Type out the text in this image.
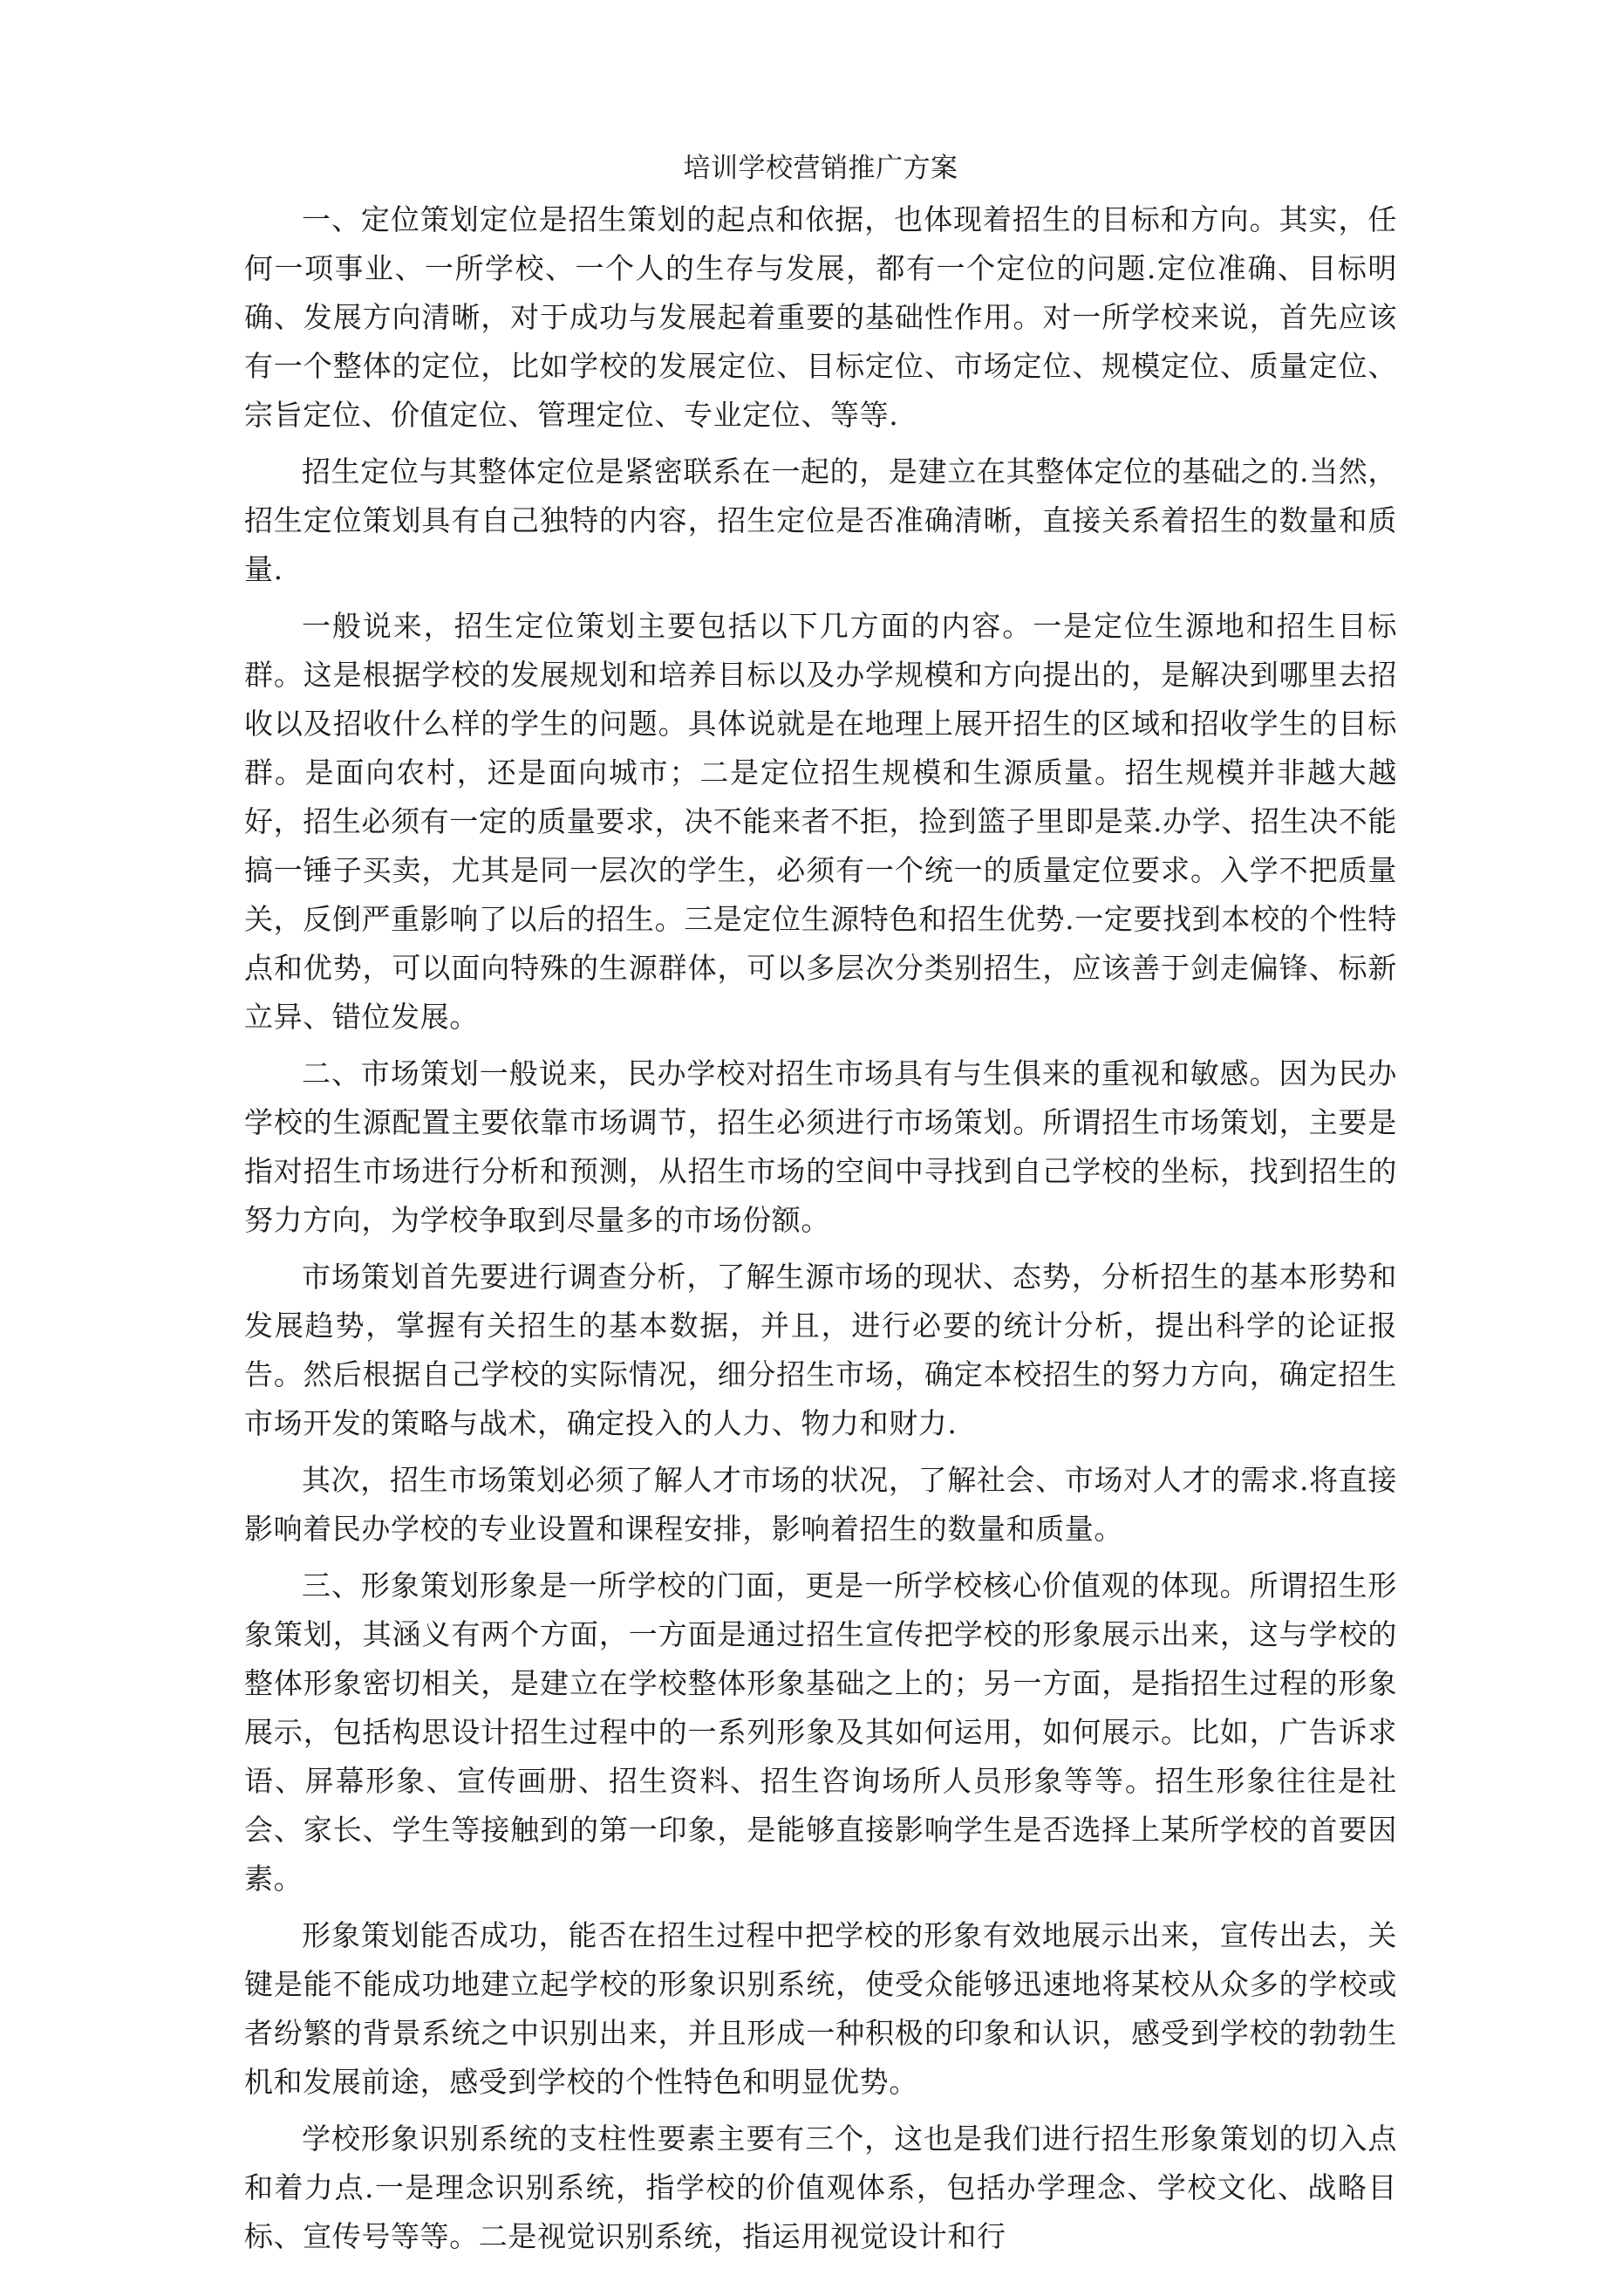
培训学校营销推广方案

一、定位策划定位是招生策划的起点和依据，也体现着招生的目标和方向。其实，任何一项事业、一所学校、一个人的生存与发展，都有一个定位的问题.定位准确、目标明确、发展方向清晰，对于成功与发展起着重要的基础性作用。对一所学校来说，首先应该有一个整体的定位，比如学校的发展定位、目标定位、市场定位、规模定位、质量定位、宗旨定位、价值定位、管理定位、专业定位、等等.

招生定位与其整体定位是紧密联系在一起的，是建立在其整体定位的基础之的.当然，招生定位策划具有自己独特的内容，招生定位是否准确清晰，直接关系着招生的数量和质量.

一般说来，招生定位策划主要包括以下几方面的内容。一是定位生源地和招生目标群。这是根据学校的发展规划和培养目标以及办学规模和方向提出的，是解决到哪里去招收以及招收什么样的学生的问题。具体说就是在地理上展开招生的区域和招收学生的目标群。是面向农村，还是面向城市；二是定位招生规模和生源质量。招生规模并非越大越好，招生必须有一定的质量要求，决不能来者不拒，捡到篮子里即是菜.办学、招生决不能搞一锤子买卖，尤其是同一层次的学生，必须有一个统一的质量定位要求。入学不把质量关，反倒严重影响了以后的招生。三是定位生源特色和招生优势.一定要找到本校的个性特点和优势，可以面向特殊的生源群体，可以多层次分类别招生，应该善于剑走偏锋、标新立异、错位发展。

二、市场策划一般说来，民办学校对招生市场具有与生俱来的重视和敏感。因为民办学校的生源配置主要依靠市场调节，招生必须进行市场策划。所谓招生市场策划，主要是指对招生市场进行分析和预测，从招生市场的空间中寻找到自己学校的坐标，找到招生的努力方向，为学校争取到尽量多的市场份额。

市场策划首先要进行调查分析，了解生源市场的现状、态势，分析招生的基本形势和发展趋势，掌握有关招生的基本数据，并且，进行必要的统计分析，提出科学的论证报告。然后根据自己学校的实际情况，细分招生市场，确定本校招生的努力方向，确定招生市场开发的策略与战术，确定投入的人力、物力和财力.

其次，招生市场策划必须了解人才市场的状况，了解社会、市场对人才的需求.将直接影响着民办学校的专业设置和课程安排，影响着招生的数量和质量。

三、形象策划形象是一所学校的门面，更是一所学校核心价值观的体现。所谓招生形象策划，其涵义有两个方面，一方面是通过招生宣传把学校的形象展示出来，这与学校的整体形象密切相关，是建立在学校整体形象基础之上的；另一方面，是指招生过程的形象展示，包括构思设计招生过程中的一系列形象及其如何运用，如何展示。比如，广告诉求语、屏幕形象、宣传画册、招生资料、招生咨询场所人员形象等等。招生形象往往是社会、家长、学生等接触到的第一印象，是能够直接影响学生是否选择上某所学校的首要因素。

形象策划能否成功，能否在招生过程中把学校的形象有效地展示出来，宣传出去，关键是能不能成功地建立起学校的形象识别系统，使受众能够迅速地将某校从众多的学校或者纷繁的背景系统之中识别出来，并且形成一种积极的印象和认识，感受到学校的勃勃生机和发展前途，感受到学校的个性特色和明显优势。

学校形象识别系统的支柱性要素主要有三个，这也是我们进行招生形象策划的切入点和着力点.一是理念识别系统，指学校的价值观体系，包括办学理念、学校文化、战略目标、宣传号等等。二是视觉识别系统，指运用视觉设计和行
